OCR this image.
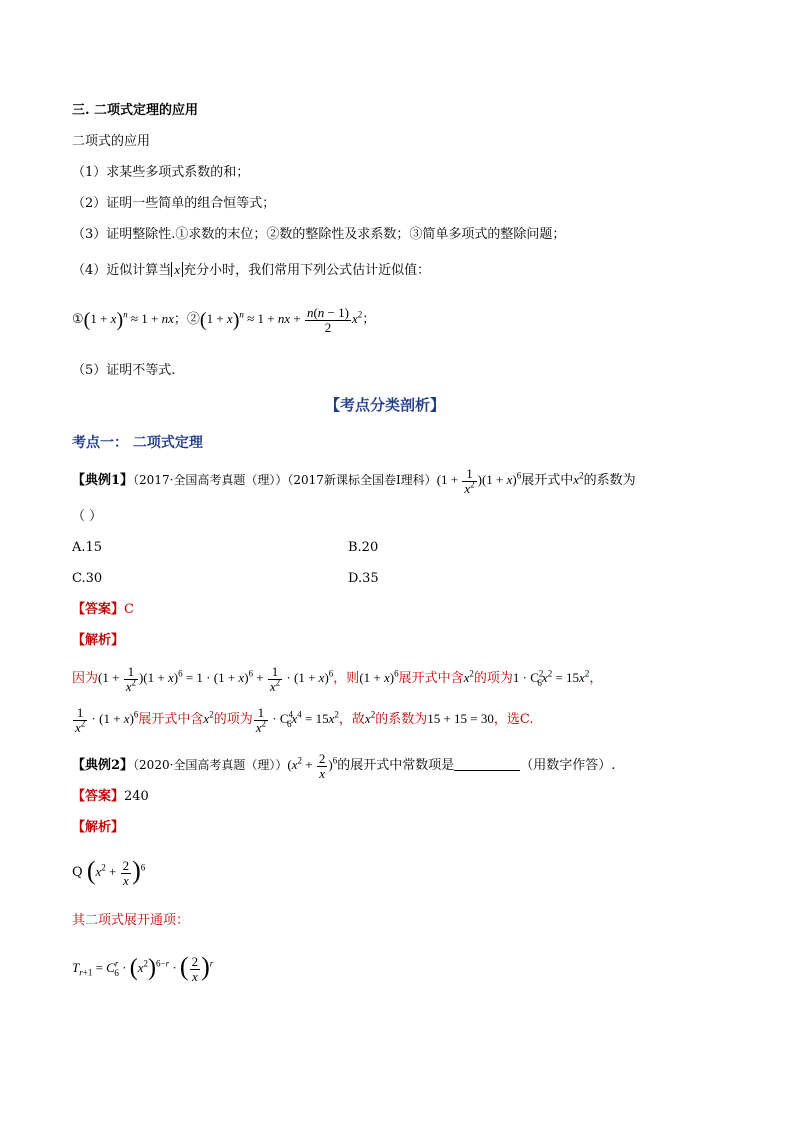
三. 二项式定理的应用
二项式的应用
（1）求某些多项式系数的和；
（2）证明一些简单的组合恒等式；
（3）证明整除性.①求数的末位；②数的整除性及求系数；③简单多项式的整除问题；
（4）近似计算当 x 充分小时，我们常用下列公式估计近似值：
①(1 + x)$^n$ ≈ 1 + nx；②(1 + x)$^n$ ≈ 1 + nx + $\frac{n(n - 1)}{2} x^2$；
（5）证明不等式.
【考点分类剖析】
考点一： 二项式定理
【典例1】（2017·全国高考真题（理））（2017新课标全国卷Ⅰ理科）$(1 + \frac{1}{x^2} )(1 + x)^6$展开式中$x^2$的系数为
（ ）
A.15	B.20
C.30	D.35
【答案】C
【解析】
因为$(1 + \frac{1}{x^2} )(1 + x)^6 = 1 \cdot (1 + x)^6 + \frac{1}{x^2} \cdot (1 + x)^6$，则$(1 + x)^6$展开式中含$x^2$的项为$1 \cdot C^2_6x^2 = 15x^2$，
$\frac{1}{x^2} \cdot (1 + x)^6$展开式中含$x^2$的项为 $\frac{1}{x^2} \cdot C^4_6x^4 = 15x^2$，故$x^2$的系数为15 + 15 = 30，选C.
【典例2】（2020·全国高考真题（理））$(x^2 + \frac{2}{x} )^6$的展开式中常数项是	（用数字作答）.
【答案】240
【解析】
Q $(x^2 + \frac{2}{x} )^6$
其二项式展开通项：
$T_{r+1} = C^r_6 \cdot (x^2)^{6-r}$ · ( $\frac{2}{x} )^r$
